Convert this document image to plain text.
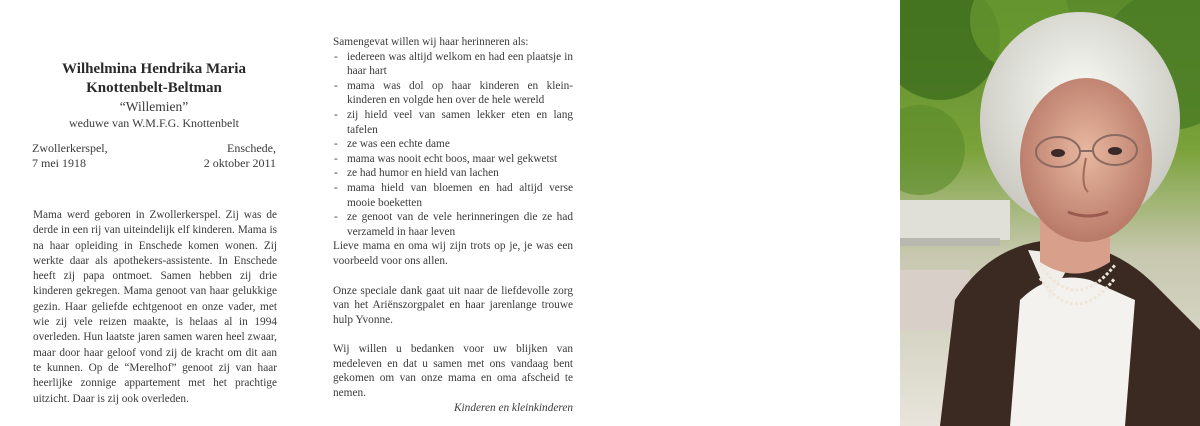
Wilhelmina Hendrika Maria
Knottenbelt-Beltman
“Willemien”
weduwe van W.M.F.G. Knottenbelt
Zwollerkerspel,
7 mei 1918
Enschede,
2 oktober 2011
Mama werd geboren in Zwollerkerspel. Zij was de derde in een rij van uiteindelijk elf kinderen. Mama is na haar opleiding in Enschede komen wonen. Zij werkte daar als apothekers-assistente. In Enschede heeft zij papa ontmoet. Samen hebben zij drie kinderen gekregen. Mama genoot van haar gelukkige gezin. Haar geliefde echtgenoot en onze vader, met wie zij vele reizen maakte, is helaas al in 1994 overleden. Hun laatste jaren samen waren heel zwaar, maar door haar geloof vond zij de kracht om dit aan te kunnen. Op de “Merelhof” genoot zij van haar heerlijke zonnige appartement met het prachtige uitzicht. Daar is zij ook overleden.

Samengevat willen wij haar herinneren als:

- iedereen was altijd welkom en had een plaatsje in haar hart
- mama was dol op haar kinderen en klein-kinderen en volgde hen over de hele wereld
- zij hield veel van samen lekker eten en lang tafelen
- ze was een echte dame
- mama was nooit echt boos, maar wel gekwetst
- ze had humor en hield van lachen
- mama hield van bloemen en had altijd verse mooie boeketten
- ze genoot van de vele herinneringen die ze had verzameld in haar leven

Lieve mama en oma wij zijn trots op je, je was een voorbeeld voor ons allen.

Onze speciale dank gaat uit naar de liefdevolle zorg van het Ariënszorgpalet en haar jarenlange trouwe hulp Yvonne.

Wij willen u bedanken voor uw blijken van medeleven en dat u samen met ons vandaag bent gekomen om van onze mama en oma afscheid te nemen.

Kinderen en kleinkinderen
